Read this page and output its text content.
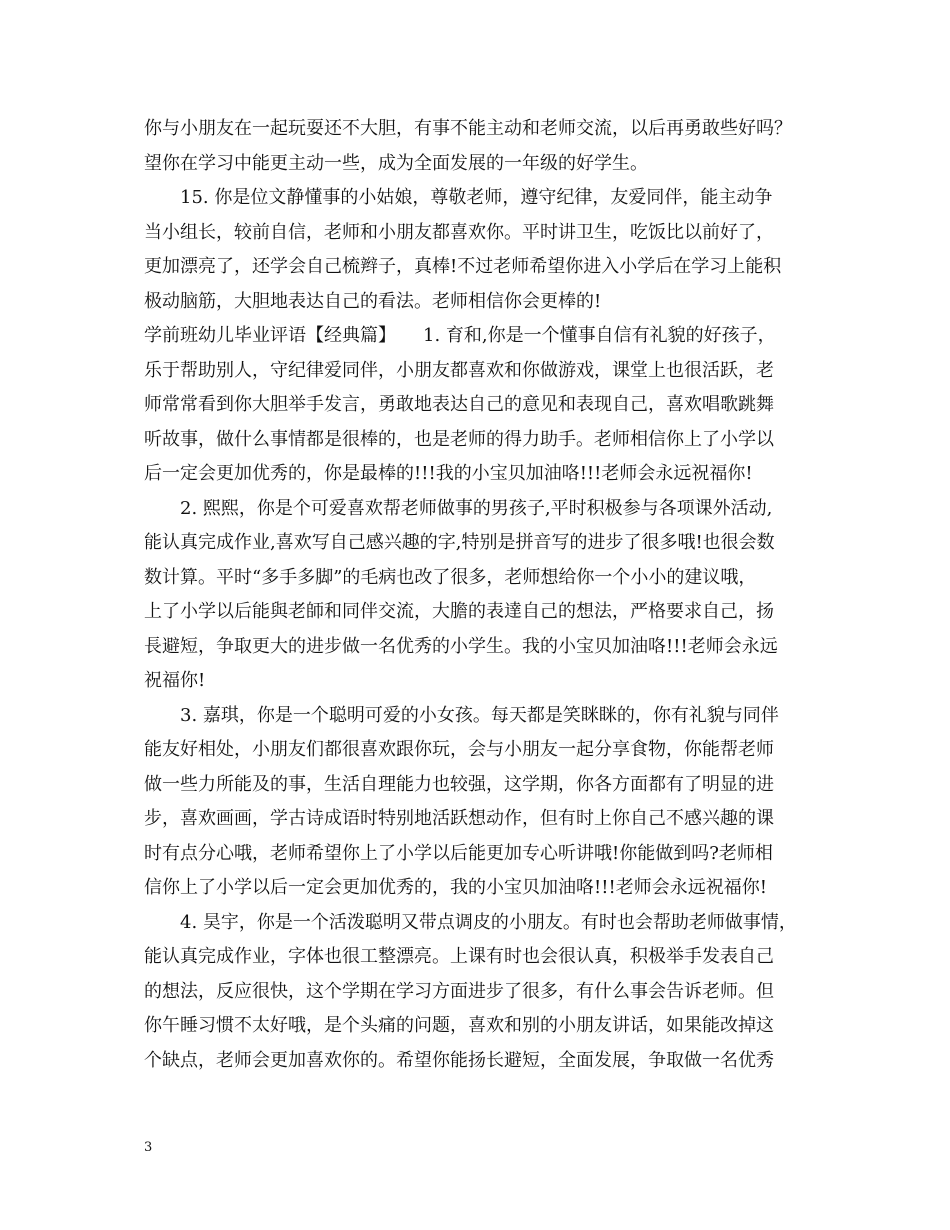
你与小朋友在一起玩耍还不大胆，有事不能主动和老师交流，以后再勇敢些好吗？
望你在学习中能更主动一些，成为全面发展的一年级的好学生。
15. 你是位文静懂事的小姑娘，尊敬老师，遵守纪律，友爱同伴，能主动争
当小组长，较前自信，老师和小朋友都喜欢你。平时讲卫生，吃饭比以前好了，
更加漂亮了，还学会自己梳辫子，真棒!不过老师希望你进入小学后在学习上能积
极动脑筋，大胆地表达自己的看法。老师相信你会更棒的!
学前班幼儿毕业评语【经典篇】　　1. 育和,你是一个懂事自信有礼貌的好孩子，
乐于帮助别人，守纪律爱同伴，小朋友都喜欢和你做游戏，课堂上也很活跃，老
师常常看到你大胆举手发言，勇敢地表达自己的意见和表现自己，喜欢唱歌跳舞
听故事，做什么事情都是很棒的，也是老师的得力助手。老师相信你上了小学以
后一定会更加优秀的，你是最棒的!!!我的小宝贝加油咯!!!老师会永远祝福你!
2. 熙熙，你是个可爱喜欢帮老师做事的男孩子,平时积极参与各项课外活动,
能认真完成作业,喜欢写自己感兴趣的字,特别是拼音写的进步了很多哦!也很会数
数计算。平时“多手多脚”的毛病也改了很多，老师想给你一个小小的建议哦，
上了小学以后能與老師和同伴交流，大膽的表達自己的想法，严格要求自己，扬
長避短，争取更大的进步做一名优秀的小学生。我的小宝贝加油咯!!!老师会永远
祝福你!
3. 嘉琪，你是一个聪明可爱的小女孩。每天都是笑眯眯的，你有礼貌与同伴
能友好相处，小朋友们都很喜欢跟你玩，会与小朋友一起分享食物，你能帮老师
做一些力所能及的事，生活自理能力也较强，这学期，你各方面都有了明显的进
步，喜欢画画，学古诗成语时特别地活跃想动作，但有时上你自己不感兴趣的课
时有点分心哦，老师希望你上了小学以后能更加专心听讲哦!你能做到吗?老师相
信你上了小学以后一定会更加优秀的，我的小宝贝加油咯!!!老师会永远祝福你!
4. 昊宇，你是一个活泼聪明又带点调皮的小朋友。有时也会帮助老师做事情，
能认真完成作业，字体也很工整漂亮。上课有时也会很认真，积极举手发表自己
的想法，反应很快，这个学期在学习方面进步了很多，有什么事会告诉老师。但
你午睡习惯不太好哦，是个头痛的问题，喜欢和别的小朋友讲话，如果能改掉这
个缺点，老师会更加喜欢你的。希望你能扬长避短，全面发展，争取做一名优秀
3
